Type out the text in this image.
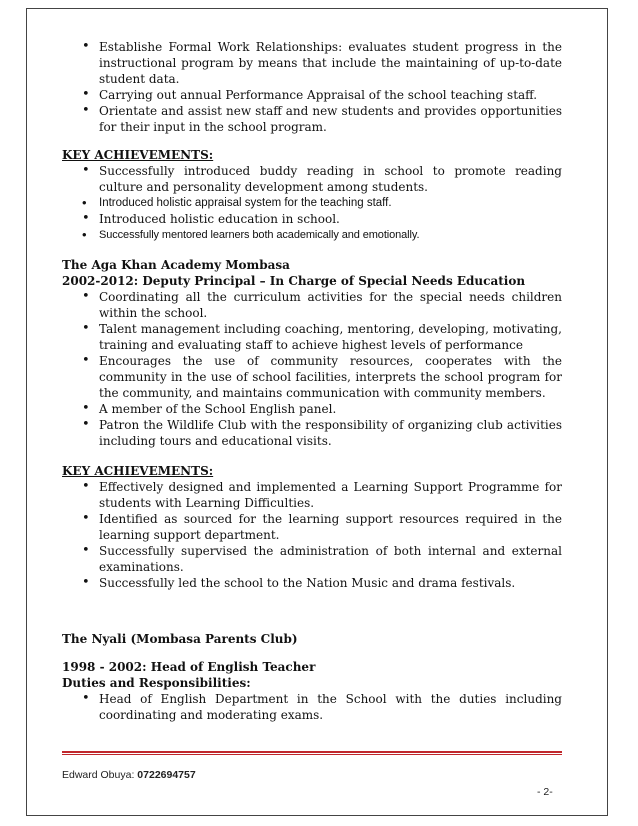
• Establishe Formal Work Relationships: evaluates student progress in the instructional program by means that include the maintaining of up-to-date student data.
• Carrying out annual Performance Appraisal of the school teaching staff.
• Orientate and assist new staff and new students and provides opportunities for their input in the school program.
KEY ACHIEVEMENTS:
• Successfully introduced buddy reading in school to promote reading culture and personality development among students.
• Introduced holistic appraisal system for the teaching staff.
• Introduced holistic education in school.
• Successfully mentored learners both academically and emotionally.
The Aga Khan Academy Mombasa
2002-2012: Deputy Principal – In Charge of Special Needs Education
• Coordinating all the curriculum activities for the special needs children within the school.
• Talent management including coaching, mentoring, developing, motivating, training and evaluating staff to achieve highest levels of performance
• Encourages the use of community resources, cooperates with the community in the use of school facilities, interprets the school program for the community, and maintains communication with community members.
• A member of the School English panel.
• Patron the Wildlife Club with the responsibility of organizing club activities including tours and educational visits.
KEY ACHIEVEMENTS:
• Effectively designed and implemented a Learning Support Programme for students with Learning Difficulties.
• Identified as sourced for the learning support resources required in the learning support department.
• Successfully supervised the administration of both internal and external examinations.
• Successfully led the school to the Nation Music and drama festivals.
The Nyali (Mombasa Parents Club)
1998 - 2002: Head of English Teacher
Duties and Responsibilities:
• Head of English Department in the School with the duties including coordinating and moderating exams.
Edward Obuya: 0722694757
- 2-
